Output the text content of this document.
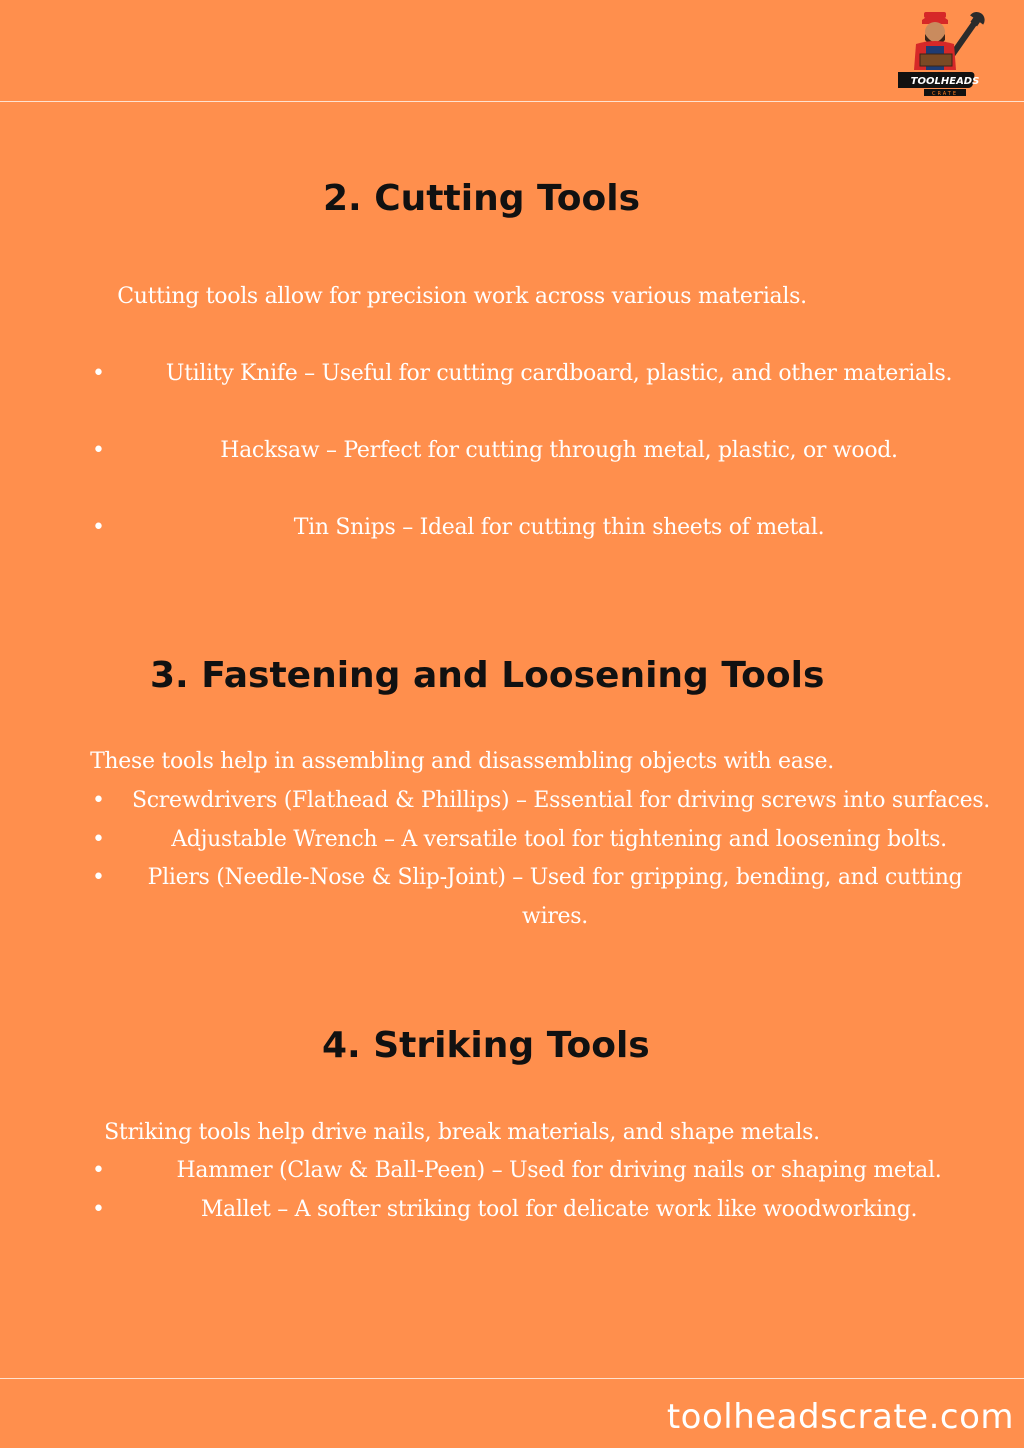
TOOLHEADS
CRATE
2. Cutting Tools

Cutting tools allow for precision work across various materials.

•	Utility Knife – Useful for cutting cardboard, plastic, and other materials.
•	Hacksaw – Perfect for cutting through metal, plastic, or wood.
•	Tin Snips – Ideal for cutting thin sheets of metal.
3. Fastening and Loosening Tools

These tools help in assembling and disassembling objects with ease.

• Screwdrivers (Flathead & Phillips) – Essential for driving screws into surfaces.
•	Adjustable Wrench – A versatile tool for tightening and loosening bolts.
• Pliers (Needle-Nose & Slip-Joint) – Used for gripping, bending, and cutting wires.
4. Striking Tools

Striking tools help drive nails, break materials, and shape metals.

•	Hammer (Claw & Ball-Peen) – Used for driving nails or shaping metal.
•	Mallet – A softer striking tool for delicate work like woodworking.
toolheadscrate.com
